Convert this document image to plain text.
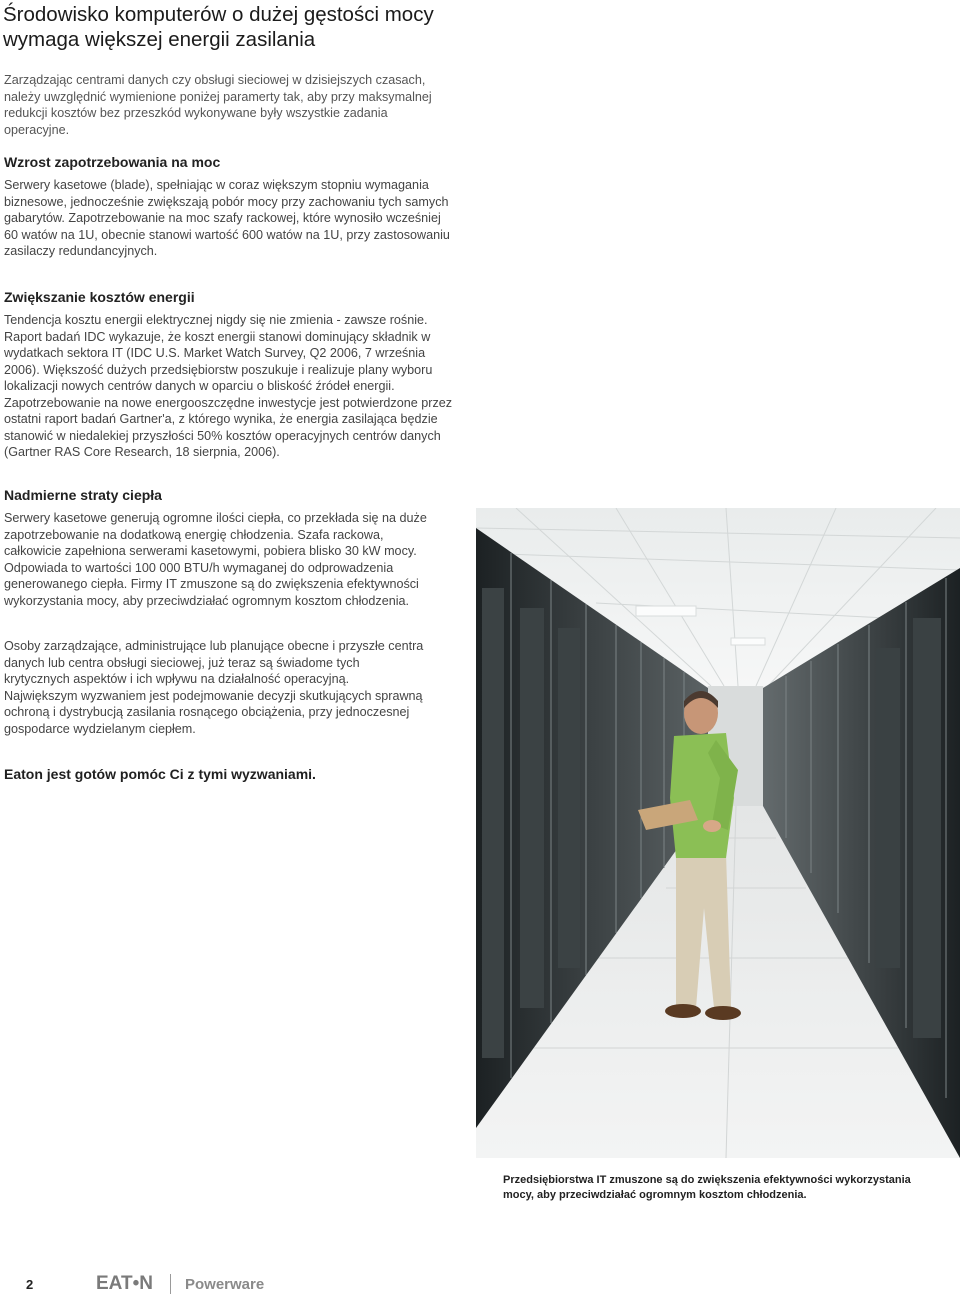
Środowisko komputerów o dużej gęstości mocy wymaga większej energii zasilania

Zarządzając centrami danych czy obsługi sieciowej w dzisiejszych czasach, należy uwzględnić wymienione poniżej paramerty tak, aby przy maksymalnej redukcji kosztów bez przeszkód wykonywane były wszystkie zadania operacyjne.

Wzrost zapotrzebowania na moc

Serwery kasetowe (blade), spełniając w coraz większym stopniu wymagania biznesowe, jednocześnie zwiększają pobór mocy przy zachowaniu tych samych gabarytów. Zapotrzebowanie na moc szafy rackowej, które wynosiło wcześniej 60 watów na 1U, obecnie stanowi wartość 600 watów na 1U, przy zastosowaniu zasilaczy redundancyjnych.

Zwiększanie kosztów energii

Tendencja kosztu energii elektrycznej nigdy się nie zmienia - zawsze rośnie. Raport badań IDC wykazuje, że koszt energii stanowi dominujący składnik w wydatkach sektora IT (IDC U.S. Market Watch Survey, Q2 2006, 7 września 2006). Większość dużych przedsiębiorstw poszukuje i realizuje plany wyboru lokalizacji nowych centrów danych w oparciu o bliskość źródeł energii. Zapotrzebowanie na nowe energooszczędne inwestycje jest potwierdzone przez ostatni raport badań Gartner'a, z którego wynika, że energia zasilająca będzie stanowić w niedalekiej przyszłości 50% kosztów operacyjnych centrów danych (Gartner RAS Core Research, 18 sierpnia, 2006).

Nadmierne straty ciepła

Serwery kasetowe generują ogromne ilości ciepła, co przekłada się na duże zapotrzebowanie na dodatkową energię chłodzenia. Szafa rackowa, całkowicie zapełniona serwerami kasetowymi, pobiera blisko 30 kW mocy. Odpowiada to wartości 100 000 BTU/h wymaganej do odprowadzenia generowanego ciepła. Firmy IT zmuszone są do zwiększenia efektywności wykorzystania mocy, aby przeciwdziałać ogromnym kosztom chłodzenia.

Osoby zarządzające, administrujące lub planujące obecne i przyszłe centra danych lub centra obsługi sieciowej, już teraz są świadome tych krytycznych aspektów i ich wpływu na działalność operacyjną. Największym wyzwaniem jest podejmowanie decyzji skutkujących sprawną ochroną i dystrybucją zasilania rosnącego obciążenia, przy jednoczesnej gospodarce wydzielanym ciepłem.

Eaton jest gotów pomóc Ci z tymi wyzwaniami.

Przedsiębiorstwa IT zmuszone są do zwiększenia efektywności wykorzystania mocy, aby przeciwdziałać ogromnym kosztom chłodzenia.

2	EAT•N Powerware
